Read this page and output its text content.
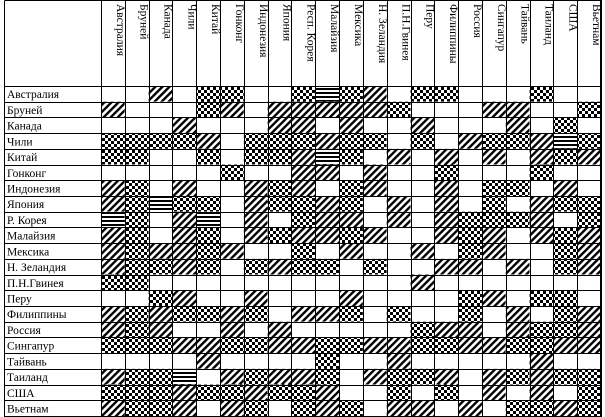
Австралия Бруней Канада Чили Китай Гонконг Индонезия Япония Респ. Корея Малайзия Мексика Н. Зеландия П.Н.Гвинея Перу Филиппины Россия Сингапур Тайвань Таиланд США Вьетнам
Австралия
Бруней
Канада
Чили
Китай
Гонконг
Индонезия
Япония
Р. Корея
Малайзия
Мексика
Н. Зеландия
П.Н.Гвинея
Перу
Филиппины
Россия
Сингапур
Тайвань
Таиланд
США
Вьетнам
